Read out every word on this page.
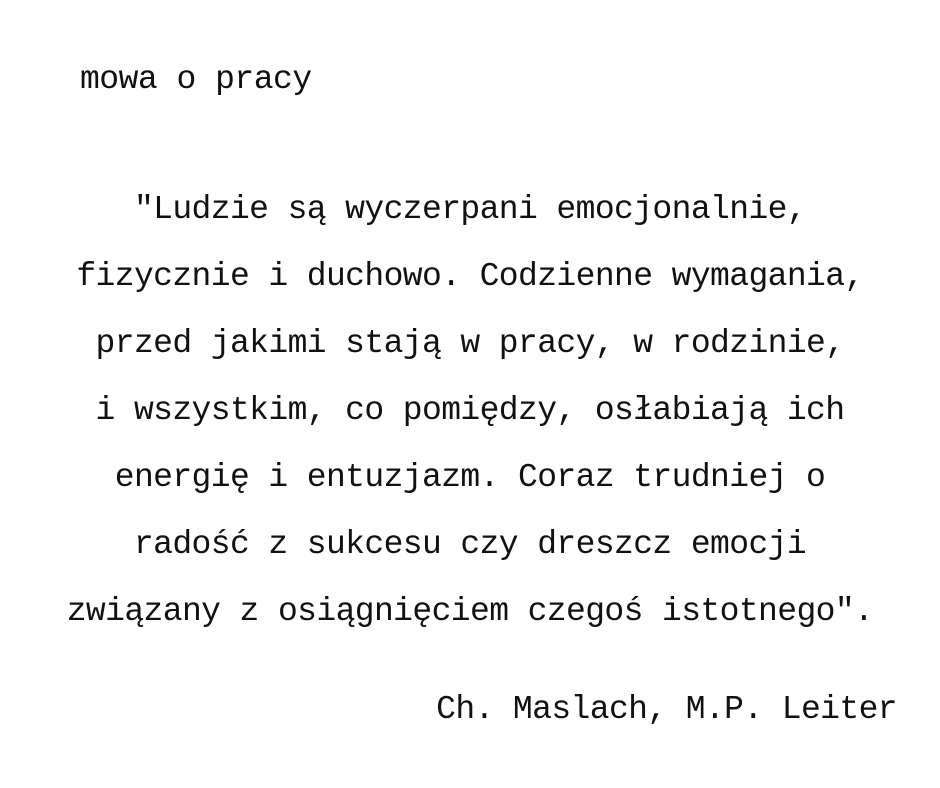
mowa o pracy
"Ludzie są wyczerpani emocjonalnie,
fizycznie i duchowo. Codzienne wymagania,
przed jakimi stają w pracy, w rodzinie,
i wszystkim, co pomiędzy, osłabiają ich
energię i entuzjazm. Coraz trudniej o
radość z sukcesu czy dreszcz emocji
związany z osiągnięciem czegoś istotnego".
Ch. Maslach, M.P. Leiter
